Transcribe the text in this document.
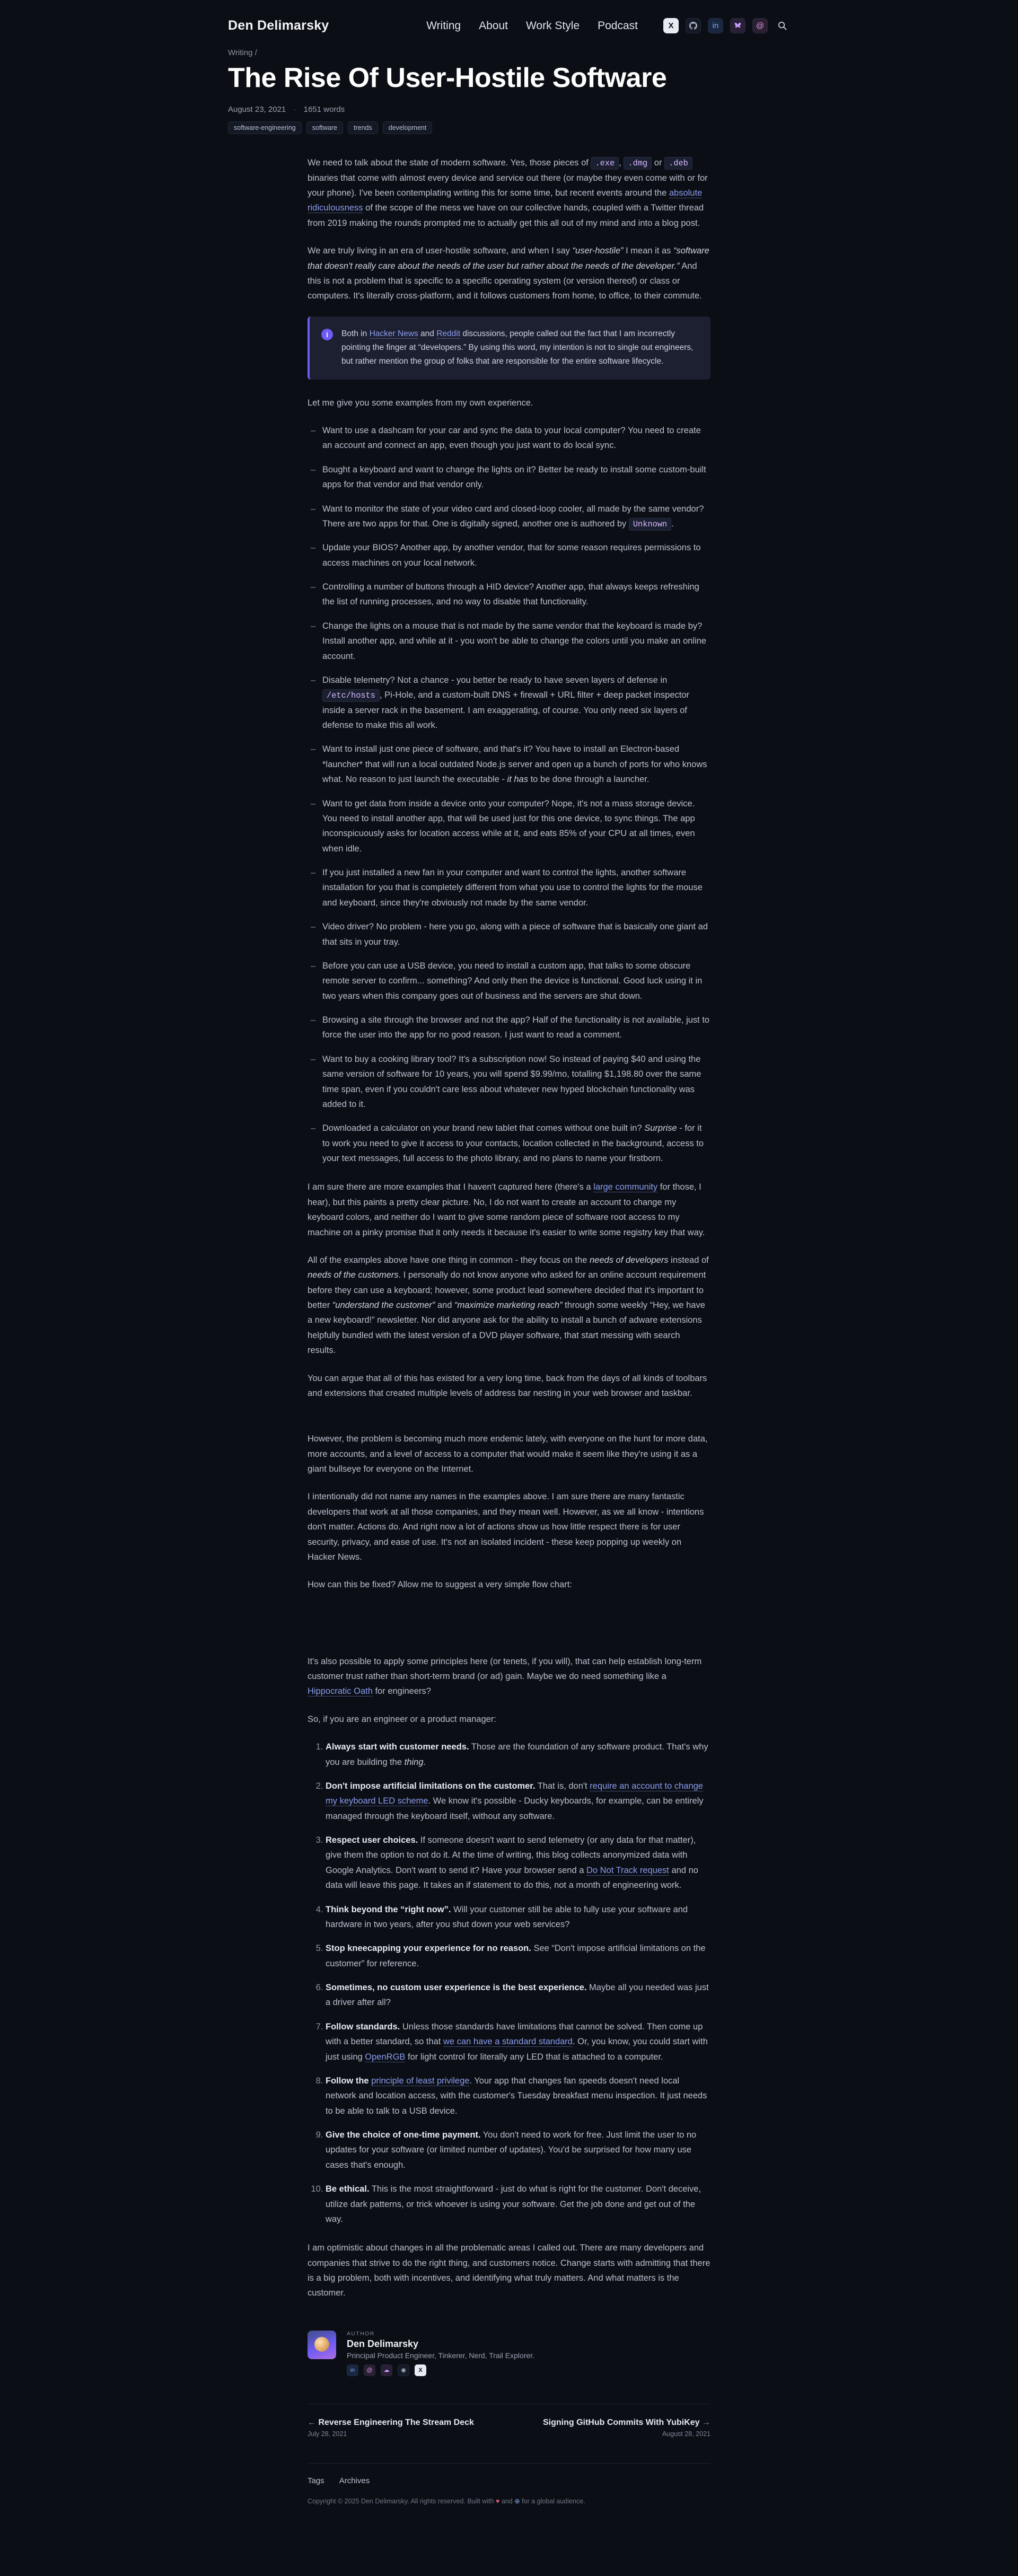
Den Delimarsky	Writing About Work Style Podcast	X	in	@
Writing /
The Rise Of User-Hostile Software
August 23, 2021 · 1651 words
software-engineering	software	trends	development

We need to talk about the state of modern software. Yes, those pieces of .exe , .dmg or .deb binaries that come with almost every device and service out there (or maybe they even come with or for your phone). I've been contemplating writing this for some time, but recent events around the absolute ridiculousness of the scope of the mess we have on our collective hands, coupled with a Twitter thread from 2019 making the rounds prompted me to actually get this all out of my mind and into a blog post.

We are truly living in an era of user-hostile software, and when I say “user-hostile” I mean it as “software that doesn't really care about the needs of the user but rather about the needs of the developer.” And this is not a problem that is specific to a specific operating system (or version thereof) or class or computers. It's literally cross-platform, and it follows customers from home, to office, to their commute.

i	Both in Hacker News and Reddit discussions, people called out the fact that I am incorrectly pointing the finger at “developers.” By using this word, my intention is not to single out engineers, but rather mention the group of folks that are responsible for the entire software lifecycle.

Let me give you some examples from my own experience.

– Want to use a dashcam for your car and sync the data to your local computer? You need to create an account and connect an app, even though you just want to do local sync.
– Bought a keyboard and want to change the lights on it? Better be ready to install some custom-built apps for that vendor and that vendor only.
– Want to monitor the state of your video card and closed-loop cooler, all made by the same vendor? There are two apps for that. One is digitally signed, another one is authored by Unknown .
– Update your BIOS? Another app, by another vendor, that for some reason requires permissions to access machines on your local network.
– Controlling a number of buttons through a HID device? Another app, that always keeps refreshing the list of running processes, and no way to disable that functionality.
– Change the lights on a mouse that is not made by the same vendor that the keyboard is made by? Install another app, and while at it - you won't be able to change the colors until you make an online account.
– Disable telemetry? Not a chance - you better be ready to have seven layers of defense in /etc/hosts , Pi-Hole, and a custom-built DNS + firewall + URL filter + deep packet inspector inside a server rack in the basement. I am exaggerating, of course. You only need six layers of defense to make this all work.
– Want to install just one piece of software, and that's it? You have to install an Electron-based *launcher* that will run a local outdated Node.js server and open up a bunch of ports for who knows what. No reason to just launch the executable - it has to be done through a launcher.
– Want to get data from inside a device onto your computer? Nope, it's not a mass storage device. You need to install another app, that will be used just for this one device, to sync things. The app inconspicuously asks for location access while at it, and eats 85% of your CPU at all times, even when idle.
– If you just installed a new fan in your computer and want to control the lights, another software installation for you that is completely different from what you use to control the lights for the mouse and keyboard, since they're obviously not made by the same vendor.
– Video driver? No problem - here you go, along with a piece of software that is basically one giant ad that sits in your tray.
– Before you can use a USB device, you need to install a custom app, that talks to some obscure remote server to confirm... something? And only then the device is functional. Good luck using it in two years when this company goes out of business and the servers are shut down.
– Browsing a site through the browser and not the app? Half of the functionality is not available, just to force the user into the app for no good reason. I just want to read a comment.
– Want to buy a cooking library tool? It's a subscription now! So instead of paying $40 and using the same version of software for 10 years, you will spend $9.99/mo, totalling $1,198.80 over the same time span, even if you couldn't care less about whatever new hyped blockchain functionality was added to it.
– Downloaded a calculator on your brand new tablet that comes without one built in? Surprise - for it to work you need to give it access to your contacts, location collected in the background, access to your text messages, full access to the photo library, and no plans to name your firstborn.

I am sure there are more examples that I haven't captured here (there's a large community for those, I hear), but this paints a pretty clear picture. No, I do not want to create an account to change my keyboard colors, and neither do I want to give some random piece of software root access to my machine on a pinky promise that it only needs it because it's easier to write some registry key that way.

All of the examples above have one thing in common - they focus on the needs of developers instead of needs of the customers. I personally do not know anyone who asked for an online account requirement before they can use a keyboard; however, some product lead somewhere decided that it's important to better “understand the customer” and “maximize marketing reach” through some weekly “Hey, we have a new keyboard!” newsletter. Nor did anyone ask for the ability to install a bunch of adware extensions helpfully bundled with the latest version of a DVD player software, that start messing with search results.

You can argue that all of this has existed for a very long time, back from the days of all kinds of toolbars and extensions that created multiple levels of address bar nesting in your web browser and taskbar.

However, the problem is becoming much more endemic lately, with everyone on the hunt for more data, more accounts, and a level of access to a computer that would make it seem like they're using it as a giant bullseye for everyone on the Internet.

I intentionally did not name any names in the examples above. I am sure there are many fantastic developers that work at all those companies, and they mean well. However, as we all know - intentions don't matter. Actions do. And right now a lot of actions show us how little respect there is for user security, privacy, and ease of use. It's not an isolated incident - these keep popping up weekly on Hacker News.

How can this be fixed? Allow me to suggest a very simple flow chart:

It's also possible to apply some principles here (or tenets, if you will), that can help establish long-term customer trust rather than short-term brand (or ad) gain. Maybe we do need something like a Hippocratic Oath for engineers?

So, if you are an engineer or a product manager:

1. Always start with customer needs. Those are the foundation of any software product. That's why you are building the thing.
2. Don't impose artificial limitations on the customer. That is, don't require an account to change my keyboard LED scheme. We know it's possible - Ducky keyboards, for example, can be entirely managed through the keyboard itself, without any software.
3. Respect user choices. If someone doesn't want to send telemetry (or any data for that matter), give them the option to not do it. At the time of writing, this blog collects anonymized data with Google Analytics. Don't want to send it? Have your browser send a Do Not Track request and no data will leave this page. It takes an if statement to do this, not a month of engineering work.
4. Think beyond the “right now”. Will your customer still be able to fully use your software and hardware in two years, after you shut down your web services?
5. Stop kneecapping your experience for no reason. See “Don't impose artificial limitations on the customer” for reference.
6. Sometimes, no custom user experience is the best experience. Maybe all you needed was just a driver after all?
7. Follow standards. Unless those standards have limitations that cannot be solved. Then come up with a better standard, so that we can have a standard standard. Or, you know, you could start with just using OpenRGB for light control for literally any LED that is attached to a computer.
8. Follow the principle of least privilege. Your app that changes fan speeds doesn't need local network and location access, with the customer's Tuesday breakfast menu inspection. It just needs to be able to talk to a USB device.
9. Give the choice of one-time payment. You don't need to work for free. Just limit the user to no updates for your software (or limited number of updates). You'd be surprised for how many use cases that's enough.
10. Be ethical. This is the most straightforward - just do what is right for the customer. Don't deceive, utilize dark patterns, or trick whoever is using your software. Get the job done and get out of the way.

I am optimistic about changes in all the problematic areas I called out. There are many developers and companies that strive to do the right thing, and customers notice. Change starts with admitting that there is a big problem, both with incentives, and identifying what truly matters. And what matters is the customer.

AUTHOR
Den Delimarsky
Principal Product Engineer, Tinkerer, Nerd, Trail Explorer.
in	@	☁	◉	X
← Reverse Engineering The Stream Deck
July 28, 2021
Signing GitHub Commits With YubiKey →
August 28, 2021
Tags Archives
Copyright © 2025 Den Delimarsky. All rights reserved. Built with ♥ and ⊕ for a global audience.
